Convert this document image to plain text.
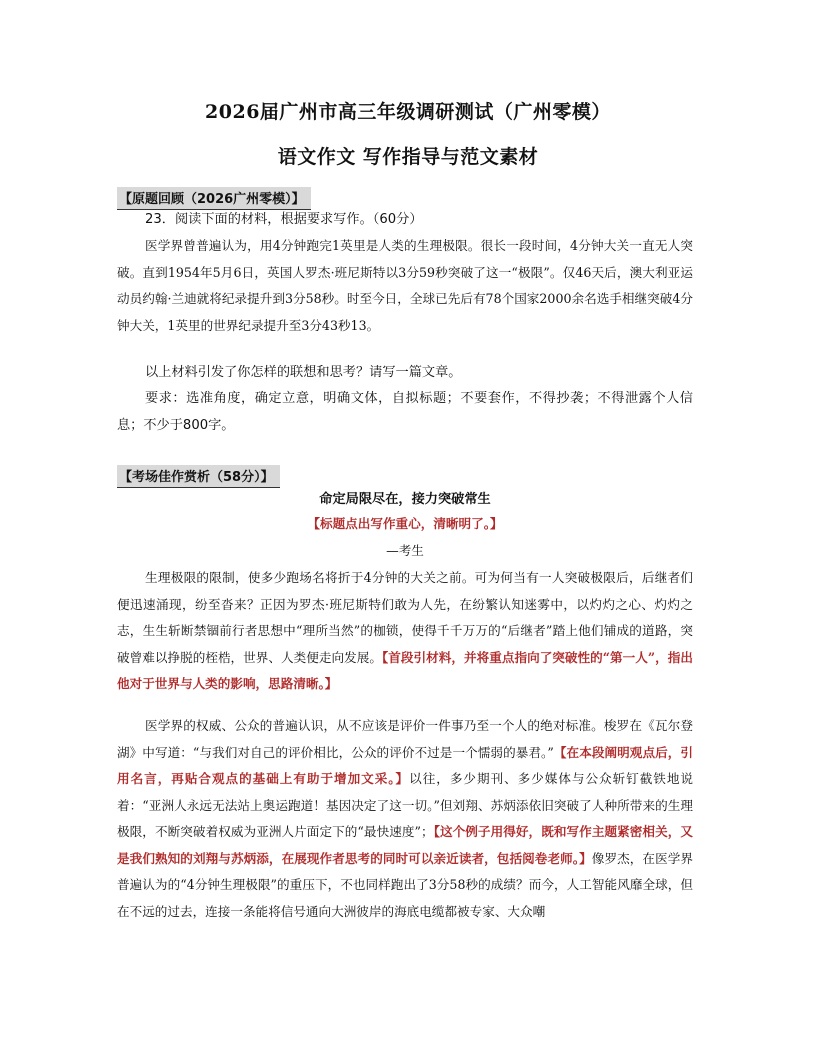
2026届广州市高三年级调研测试（广州零模）
语文作文 写作指导与范文素材
【原题回顾（2026广州零模）】
23．阅读下面的材料，根据要求写作。（60分）
医学界曾普遍认为，用4分钟跑完1英里是人类的生理极限。很长一段时间，4分钟大关一直无人突破。直到1954年5月6日，英国人罗杰·班尼斯特以3分59秒突破了这一“极限”。仅46天后，澳大利亚运动员约翰·兰迪就将纪录提升到3分58秒。时至今日，全球已先后有78个国家2000余名选手相继突破4分钟大关，1英里的世界纪录提升至3分43秒13。
以上材料引发了你怎样的联想和思考？请写一篇文章。
要求：选准角度，确定立意，明确文体，自拟标题；不要套作，不得抄袭；不得泄露个人信息；不少于800字。
【考场佳作赏析（58分）】
命定局限尽在，接力突破常生
【标题点出写作重心，清晰明了。】
—考生
生理极限的限制，使多少跑场名将折于4分钟的大关之前。可为何当有一人突破极限后，后继者们便迅速涌现，纷至沓来？正因为罗杰·班尼斯特们敢为人先，在纷繁认知迷雾中，以灼灼之心、灼灼之志，生生斩断禁锢前行者思想中“理所当然”的枷锁，使得千千万万的“后继者”踏上他们铺成的道路，突破曾难以挣脱的桎梏，世界、人类便走向发展。【首段引材料，并将重点指向了突破性的“第一人”，指出他对于世界与人类的影响，思路清晰。】
医学界的权威、公众的普遍认识，从不应该是评价一件事乃至一个人的绝对标准。梭罗在《瓦尔登湖》中写道：“与我们对自己的评价相比，公众的评价不过是一个懦弱的暴君。”【在本段阐明观点后，引用名言，再贴合观点的基础上有助于增加文采。】以往，多少期刊、多少媒体与公众斩钉截铁地说着：“亚洲人永远无法站上奥运跑道！基因决定了这一切。”但刘翔、苏炳添依旧突破了人种所带来的生理极限，不断突破着权威为亚洲人片面定下的“最快速度”；【这个例子用得好，既和写作主题紧密相关，又是我们熟知的刘翔与苏炳添，在展现作者思考的同时可以亲近读者，包括阅卷老师。】像罗杰，在医学界普遍认为的“4分钟生理极限”的重压下，不也同样跑出了3分58秒的成绩？而今，人工智能风靡全球，但在不远的过去，连接一条能将信号通向大洲彼岸的海底电缆都被专家、大众嘲
